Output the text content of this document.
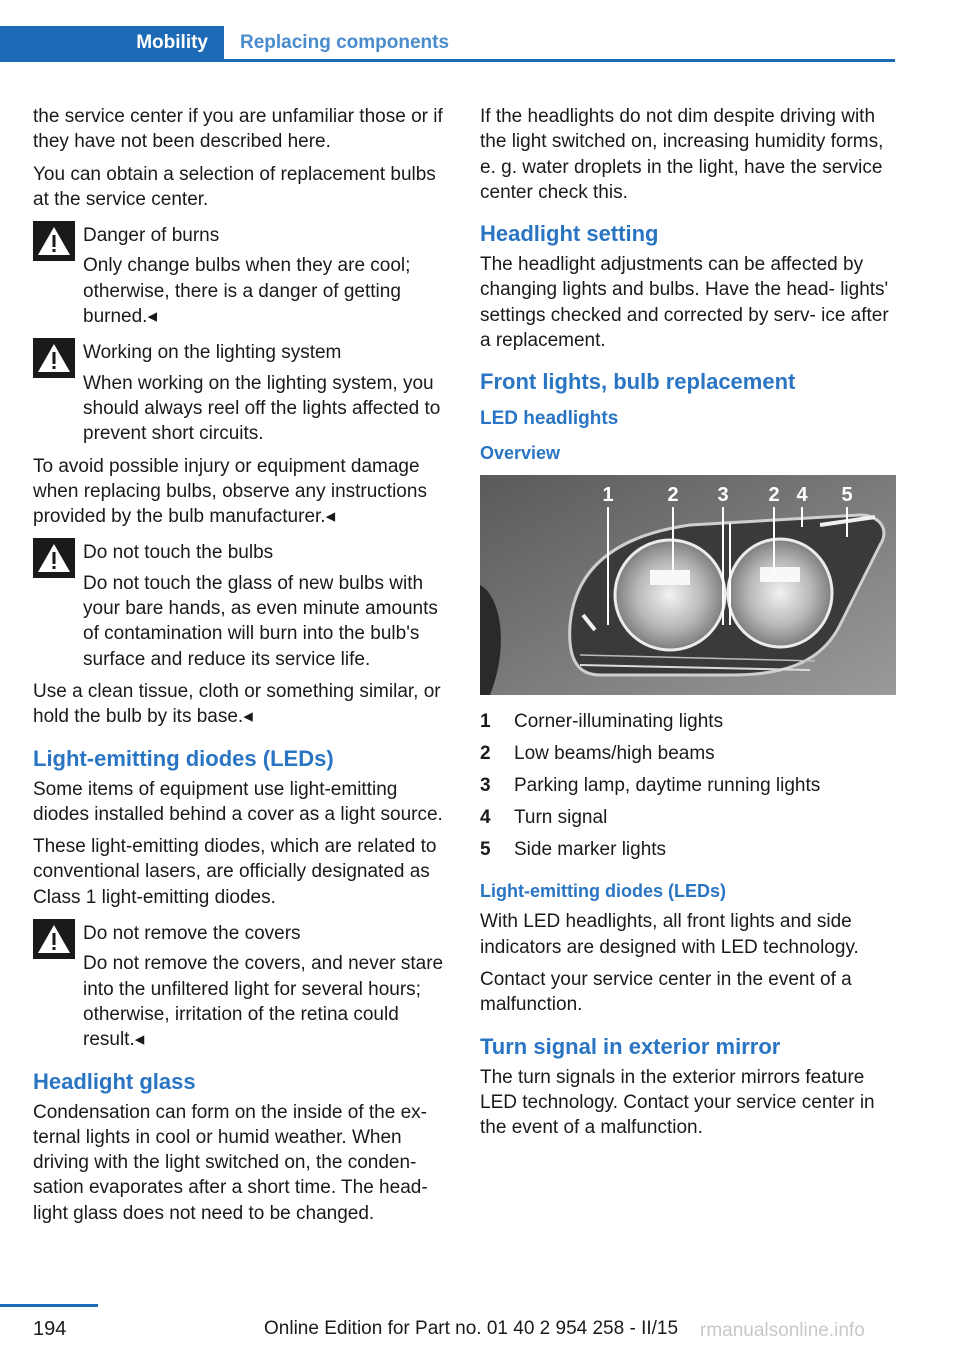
Mobility	Replacing components

the service center if you are unfamiliar those or if they have not been described here.

You can obtain a selection of replacement bulbs at the service center.

Danger of burns
Only change bulbs when they are cool; otherwise, there is a danger of getting burned.◂
Working on the lighting system
When working on the lighting system, you should always reel off the lights affected to prevent short circuits.

To avoid possible injury or equipment damage when replacing bulbs, observe any instructions provided by the bulb manufacturer.◂

Do not touch the bulbs
Do not touch the glass of new bulbs with your bare hands, as even minute amounts of contamination will burn into the bulb's surface and reduce its service life.

Use a clean tissue, cloth or something similar, or hold the bulb by its base.◂

Light-emitting diodes (LEDs)

Some items of equipment use light-emitting diodes installed behind a cover as a light source.

These light-emitting diodes, which are related to conventional lasers, are officially designated as Class 1 light-emitting diodes.

Do not remove the covers
Do not remove the covers, and never stare into the unfiltered light for several hours; otherwise, irritation of the retina could result.◂
Headlight glass

Condensation can form on the inside of the ex‐ ternal lights in cool or humid weather. When driving with the light switched on, the conden‐ sation evaporates after a short time. The head‐ light glass does not need to be changed.

If the headlights do not dim despite driving with the light switched on, increasing humidity forms, e. g. water droplets in the light, have the service center check this.

Headlight setting

The headlight adjustments can be affected by changing lights and bulbs. Have the head‐ lights' settings checked and corrected by serv‐ ice after a replacement.

Front lights, bulb replacement
LED headlights
Overview
1	2 3 2 4 5
1	Corner-illuminating lights
2	Low beams/high beams
3	Parking lamp, daytime running lights
4	Turn signal
5	Side marker lights
Light-emitting diodes (LEDs)

With LED headlights, all front lights and side indicators are designed with LED technology.

Contact your service center in the event of a malfunction.

Turn signal in exterior mirror

The turn signals in the exterior mirrors feature LED technology. Contact your service center in the event of a malfunction.

194	Online Edition for Part no. 01 40 2 954 258 - II/15 rmanualsonline.info
